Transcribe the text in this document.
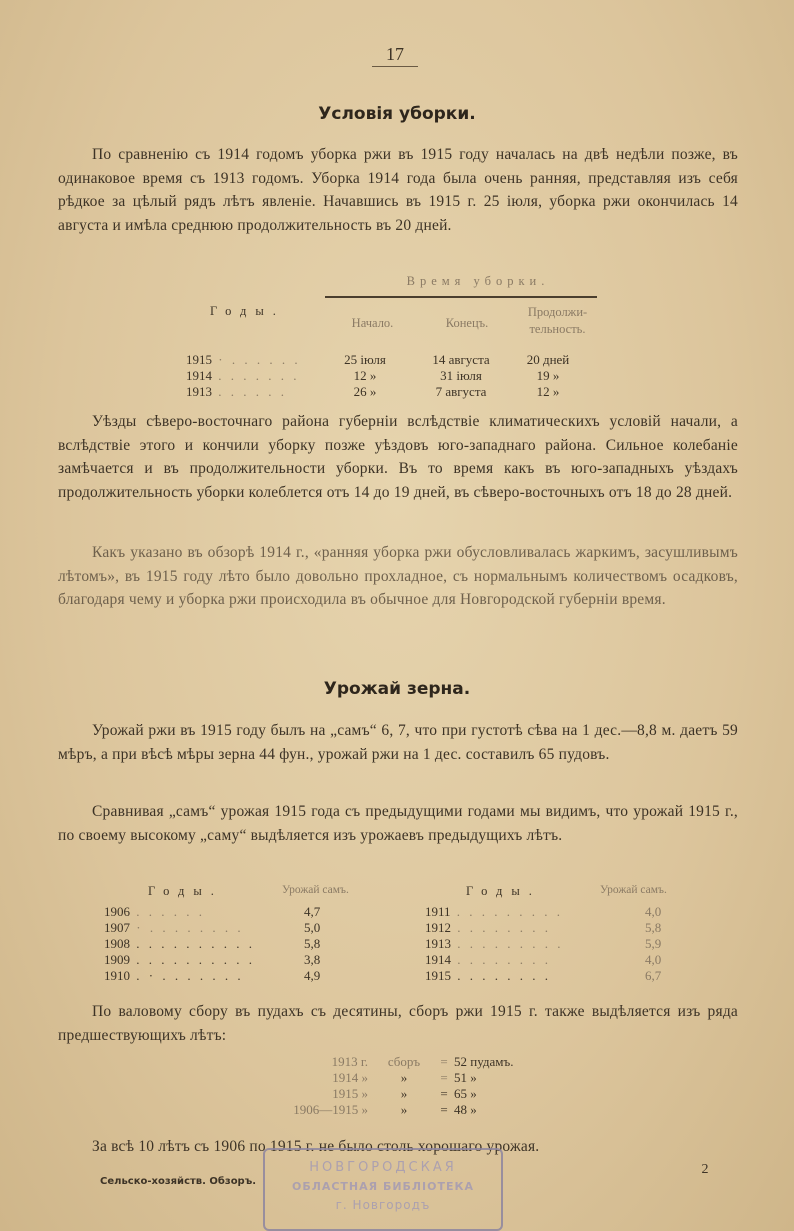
17
Условія уборки.
По сравненію съ 1914 годомъ уборка ржи въ 1915 году началась на двѣ недѣли позже, въ одинаковое время съ 1913 годомъ. Уборка 1914 года была очень ранняя, представляя изъ себя рѣдкое за цѣлый рядъ лѣтъ явленіе. Начавшись въ 1915 г. 25 іюля, уборка ржи окончилась 14 августа и имѣла среднюю продолжительность въ 20 дней.
Время уборки.
Годы.
Начало.	Конецъ.
Продолжи-тельность.
1915 · . . . . . .	25 іюля	14 августа	20 дней
1914 . . . . . . .	12 »	31 іюля	19 »
1913 . . . . . .	26 »	7 августа	12 »
Уѣзды сѣверо-восточнаго района губерніи вслѣдствіе климатическихъ условій начали, а вслѣдствіе этого и кончили уборку позже уѣздовъ юго-западнаго района. Сильное колебаніе замѣчается и въ продолжительности уборки. Въ то время какъ въ юго-западныхъ уѣздахъ продолжительность уборки колеблется отъ 14 до 19 дней, въ сѣверо-восточныхъ отъ 18 до 28 дней.
Какъ указано въ обзорѣ 1914 г., «ранняя уборка ржи обусловливалась жаркимъ, засушливымъ лѣтомъ», въ 1915 году лѣто было довольно прохладное, съ нормальнымъ количествомъ осадковъ, благодаря чему и уборка ржи происходила въ обычное для Новгородской губерніи время.
Урожай зерна.
Урожай ржи въ 1915 году былъ на „самъ“ 6, 7, что при густотѣ сѣва на 1 дес.—8,8 м. даетъ 59 мѣръ, а при вѣсѣ мѣры зерна 44 фун., урожай ржи на 1 дес. составилъ 65 пудовъ.
Сравнивая „самъ“ урожая 1915 года съ предыдущими годами мы видимъ, что урожай 1915 г., по своему высокому „саму“ выдѣляется изъ урожаевъ предыдущихъ лѣтъ.
Годы.	Урожай самъ.	Годы.	Урожай самъ.
1906 . . . . . .	4,7
1907 · . . . . . . . .	5,0
1908 . . . . . . . . . .	5,8
1909 . . . . . . . . . .	3,8
1910 . · . . . . . . .	4,9
1911 . . . . . . . . .	4,0
1912 . . . . . . . .	5,8
1913 . . . . . . . . .	5,9
1914 . . . . . . . .	4,0
1915 . . . . . . . .	6,7
По валовому сбору въ пудахъ съ десятины, сборъ ржи 1915 г. также выдѣляется изъ ряда предшествующихъ лѣтъ:
1913 г.	сборъ	=	52 пудамъ.
1914 »	»	=	51 »
1915 »	»	=	65 »
1906—1915 »	»	=	48 »
За всѣ 10 лѣтъ съ 1906 по 1915 г. не было столь хорошаго урожая.
Сельско-хозяйств. Обзоръ.
2
НОВГОРОДСКАЯ
ОБЛАСТНАЯ БИБЛІОТЕКА
г. Новгородъ
